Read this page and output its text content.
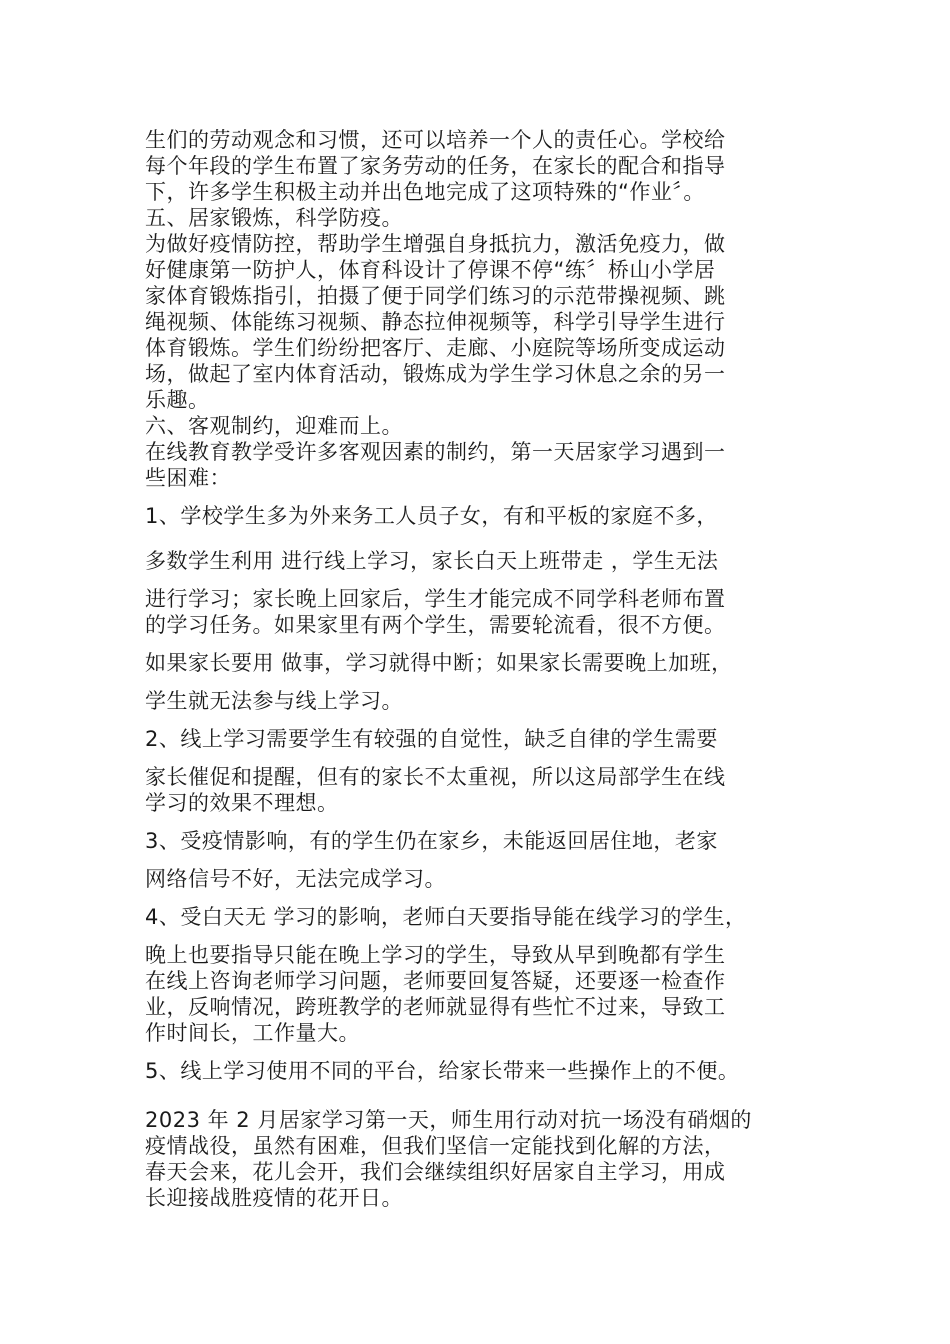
生们的劳动观念和习惯，还可以培养一个人的责任心。学校给

每个年段的学生布置了家务劳动的任务，在家长的配合和指导

下，许多学生积极主动并出色地完成了这项特殊的“作业〞。

五、居家锻炼，科学防疫。

为做好疫情防控，帮助学生增强自身抵抗力，激活免疫力，做

好健康第一防护人，体育科设计了停课不停“练〞桥山小学居

家体育锻炼指引，拍摄了便于同学们练习的示范带操视频、跳

绳视频、体能练习视频、静态拉伸视频等，科学引导学生进行

体育锻炼。学生们纷纷把客厅、走廊、小庭院等场所变成运动

场，做起了室内体育活动，锻炼成为学生学习休息之余的另一

乐趣。

六、客观制约，迎难而上。

在线教育教学受许多客观因素的制约，第一天居家学习遇到一

些困难：

1、学校学生多为外来务工人员子女，有和平板的家庭不多，

多数学生利用 进行线上学习，家长白天上班带走 ，学生无法

进行学习；家长晚上回家后，学生才能完成不同学科老师布置

的学习任务。如果家里有两个学生，需要轮流看，很不方便。

如果家长要用 做事，学习就得中断；如果家长需要晚上加班，

学生就无法参与线上学习。

2、线上学习需要学生有较强的自觉性，缺乏自律的学生需要

家长催促和提醒，但有的家长不太重视，所以这局部学生在线

学习的效果不理想。

3、受疫情影响，有的学生仍在家乡，未能返回居住地，老家

网络信号不好，无法完成学习。

4、受白天无 学习的影响，老师白天要指导能在线学习的学生，

晚上也要指导只能在晚上学习的学生，导致从早到晚都有学生

在线上咨询老师学习问题，老师要回复答疑，还要逐一检查作

业，反响情况，跨班教学的老师就显得有些忙不过来，导致工

作时间长，工作量大。

5、线上学习使用不同的平台，给家长带来一些操作上的不便。

2023 年 2 月居家学习第一天，师生用行动对抗一场没有硝烟的

疫情战役，虽然有困难，但我们坚信一定能找到化解的方法，

春天会来，花儿会开，我们会继续组织好居家自主学习，用成

长迎接战胜疫情的花开日。
